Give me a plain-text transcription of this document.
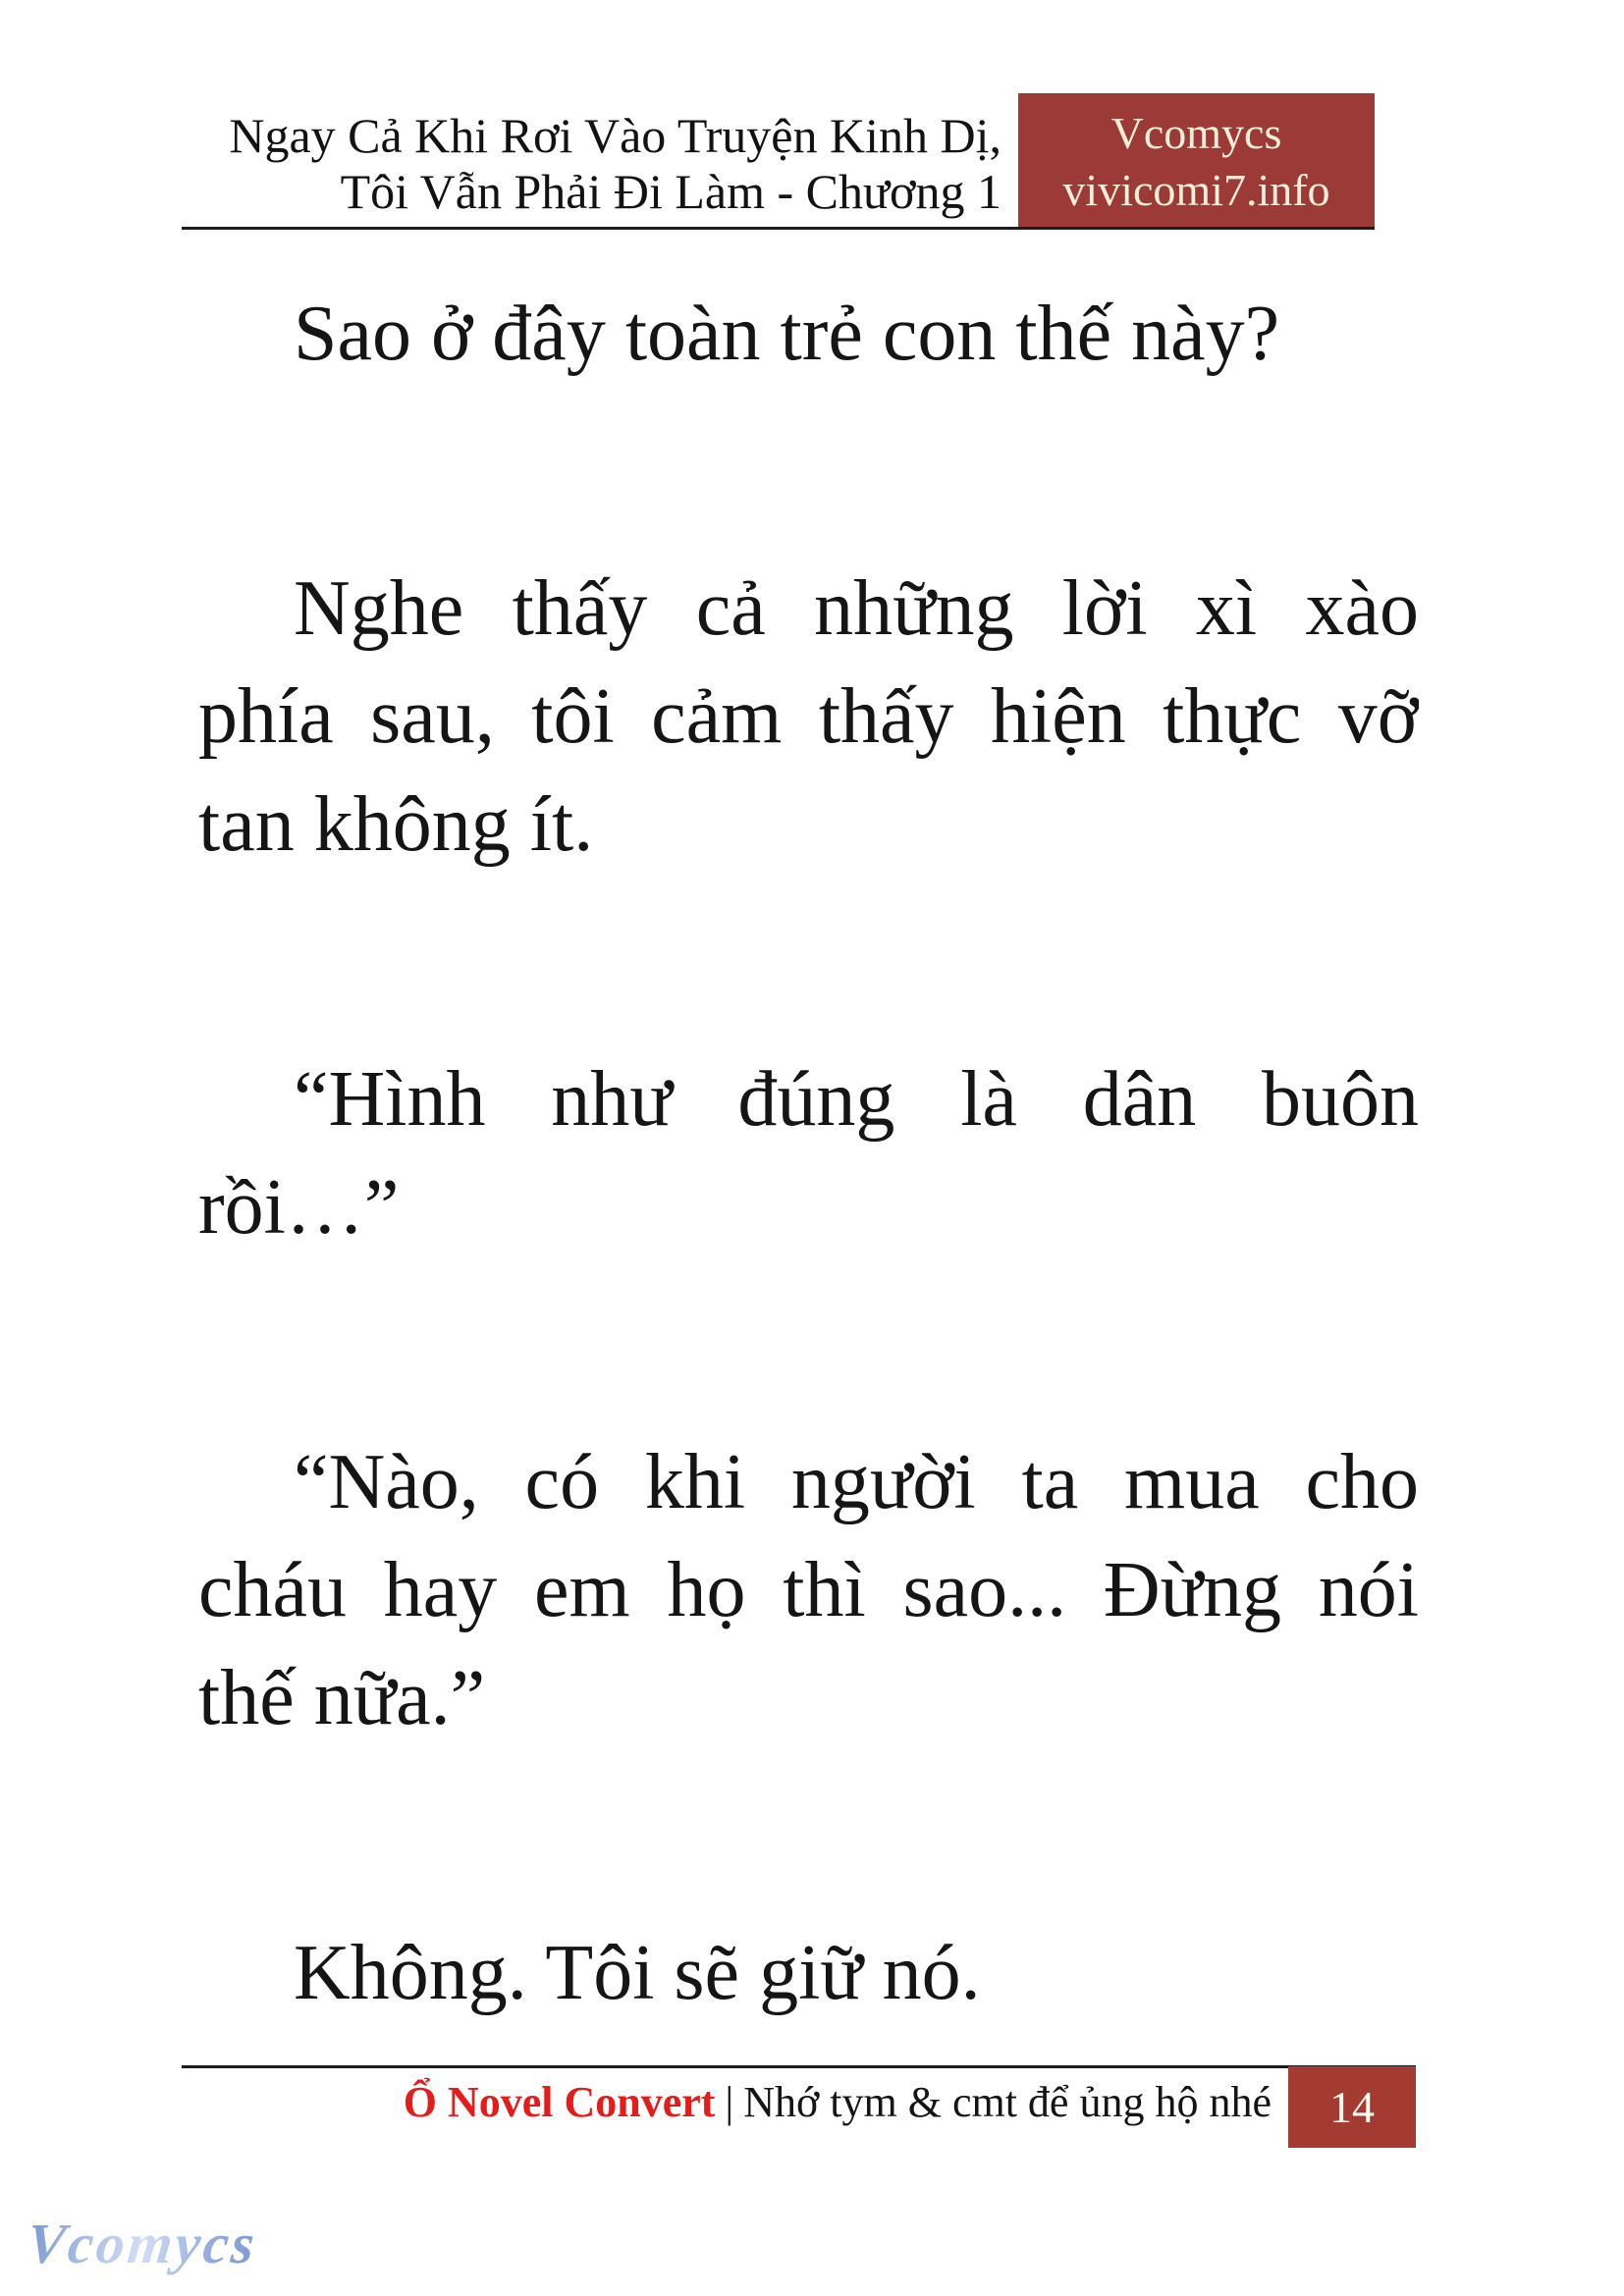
Ngay Cả Khi Rơi Vào Truyện Kinh Dị,
Tôi Vẫn Phải Đi Làm - Chương 1
Vcomycs
vivicomi7.info
Sao ở đây toàn trẻ con thế này?
Nghe thấy cả những lời xì xào
phía sau, tôi cảm thấy hiện thực vỡ
tan không ít.
“Hình như đúng là dân buôn
rồi…”
“Nào, có khi người ta mua cho
cháu hay em họ thì sao... Đừng nói
thế nữa.”
Không. Tôi sẽ giữ nó.
Ổ Novel Convert | Nhớ tym & cmt để ủng hộ nhé 14
Vcomycs
